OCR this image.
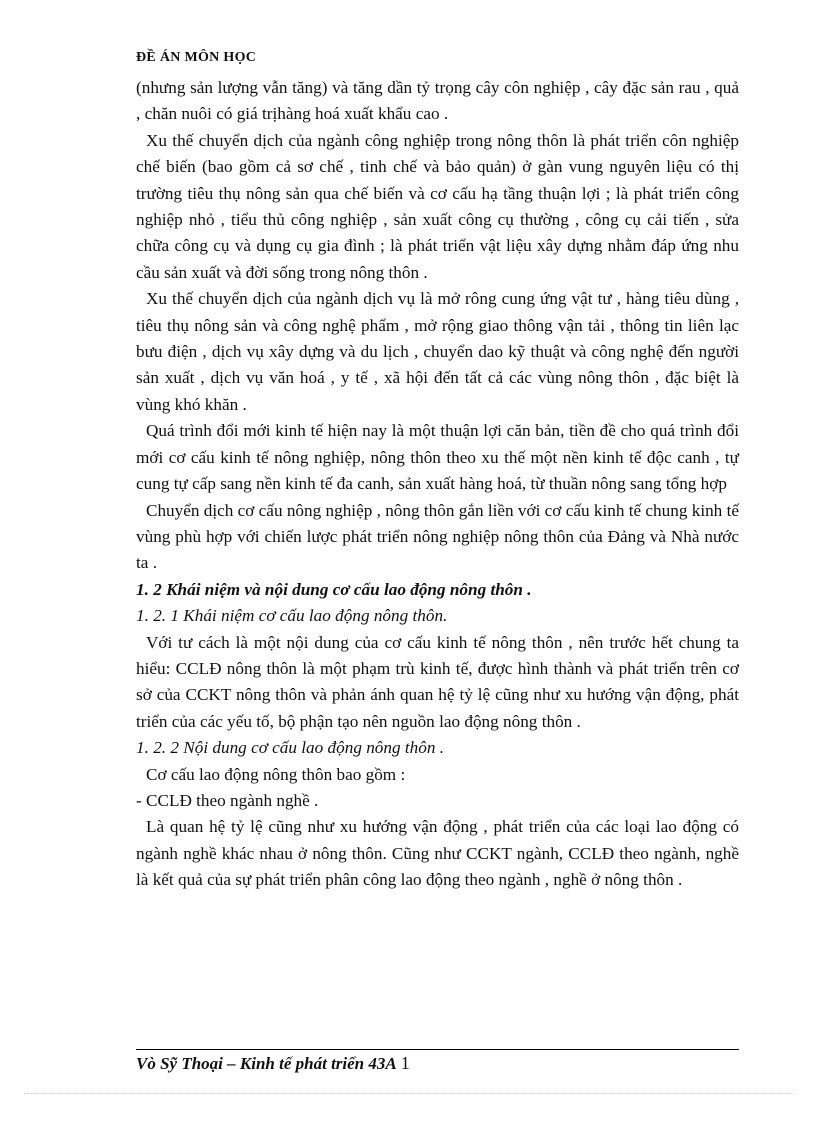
ĐỀ ÁN MÔN HỌC

(nhưng sản lượng vẫn tăng) và tăng dần tỷ trọng cây côn nghiệp , cây đặc sản rau , quả , chăn nuôi có giá trịhàng hoá xuất khẩu cao .

Xu thế chuyển dịch của ngành công nghiệp trong nông thôn là phát triển côn nghiệp chế biến (bao gồm cả sơ chế , tinh chế và bảo quản) ở gàn vung nguyên liệu có thị trường tiêu thụ nông sản qua chế biến và cơ cấu hạ tầng thuận lợi ; là phát triển công nghiệp nhỏ , tiểu thủ công nghiệp , sản xuất công cụ thường , công cụ cải tiến , sửa chữa công cụ và dụng cụ gia đình ; là phát triển vật liệu xây dựng nhằm đáp ứng nhu cầu sản xuất và đời sống trong nông thôn .

Xu thế chuyển dịch của ngành dịch vụ là mở rông cung ứng vật tư , hàng tiêu dùng , tiêu thụ nông sản và công nghệ phẩm , mở rộng giao thông vận tải , thông tin liên lạc bưu điện , dịch vụ xây dựng và du lịch , chuyển dao kỹ thuật và công nghệ đến người sản xuất , dịch vụ văn hoá , y tế , xã hội đến tất cả các vùng nông thôn , đặc biệt là vùng khó khăn .

Quá trình đổi mới kinh tế hiện nay là một thuận lợi căn bản, tiền đề cho quá trình đổi mới cơ cấu kinh tế nông nghiệp, nông thôn theo xu thế một nền kinh tế độc canh , tự cung tự cấp sang nền kinh tế đa canh, sản xuất hàng hoá, từ thuần nông sang tổng hợp

Chuyển dịch cơ cấu nông nghiệp , nông thôn gắn liền với cơ cấu kinh tế chung kinh tế vùng phù hợp với chiến lược phát triển nông nghiệp nông thôn của Đảng và Nhà nước ta .

1. 2 Khái niệm và nội dung cơ cấu lao động nông thôn .

1. 2. 1 Khái niệm cơ cấu lao động nông thôn.

Với tư cách là một nội dung của cơ cấu kinh tế nông thôn , nên trước hết chung ta hiểu: CCLĐ nông thôn là một phạm trù kinh tế, được hình thành và phát triển trên cơ sở của CCKT nông thôn và phản ánh quan hệ tỷ lệ cũng như xu hướng vận động, phát triển của các yếu tố, bộ phận tạo nên nguồn lao động nông thôn .

1. 2. 2 Nội dung cơ cấu lao động nông thôn .

Cơ cấu lao động nông thôn bao gồm :

- CCLĐ theo ngành nghề .

Là quan hệ tỷ lệ cũng như xu hướng vận động , phát triển của các loại lao động có ngành nghề khác nhau ở nông thôn. Cũng như CCKT ngành, CCLĐ theo ngành, nghề là kết quả của sự phát triển phân công lao động theo ngành , nghề ở nông thôn .

Vò Sỹ Thoại – Kinh tế phát triển 43A 1
